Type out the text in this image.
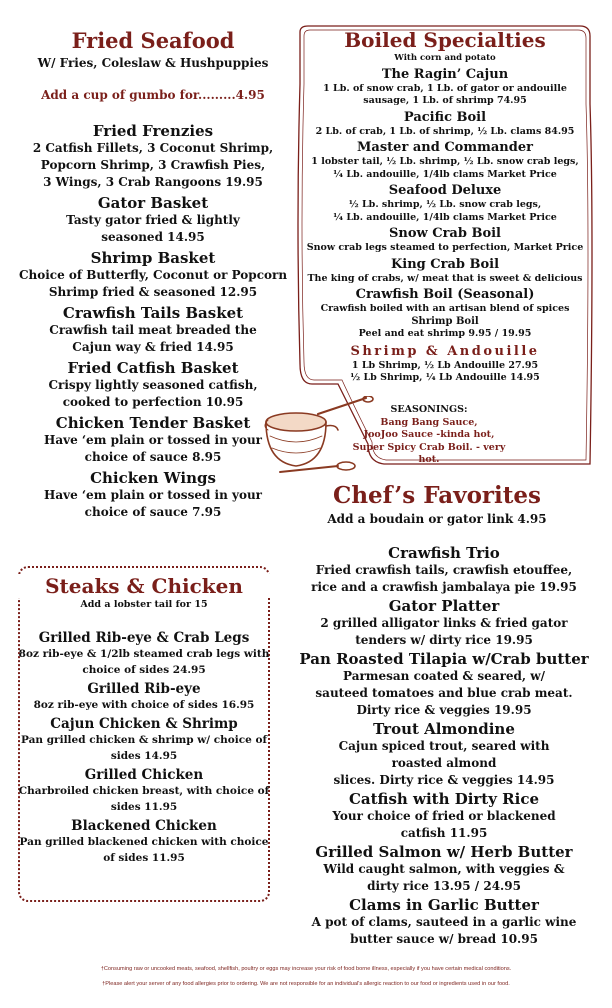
Fried Seafood
W/ Fries, Coleslaw & Hushpuppies
Add a cup of gumbo for.........4.95
Fried Frenzies
2 Catfish Fillets, 3 Coconut Shrimp,
Popcorn Shrimp, 3 Crawfish Pies,
3 Wings, 3 Crab Rangoons 19.95
Gator Basket
Tasty gator fried & lightly
seasoned 14.95
Shrimp Basket
Choice of Butterfly, Coconut or Popcorn
Shrimp fried & seasoned 12.95
Crawfish Tails Basket
Crawfish tail meat breaded the
Cajun way & fried 14.95
Fried Catfish Basket
Crispy lightly seasoned catfish,
cooked to perfection 10.95
Chicken Tender Basket
Have ‘em plain or tossed in your
choice of sauce 8.95
Chicken Wings
Have ‘em plain or tossed in your
choice of sauce 7.95
Boiled Specialties
With corn and potato
The Ragin’ Cajun
1 Lb. of snow crab, 1 Lb. of gator or andouille
sausage, 1 Lb. of shrimp 74.95
Pacific Boil
2 Lb. of crab, 1 Lb. of shrimp, ½ Lb. clams 84.95
Master and Commander
1 lobster tail, ½ Lb. shrimp, ½ Lb. snow crab legs,
¼ Lb. andouille, 1/4lb clams Market Price
Seafood Deluxe
½ Lb. shrimp, ½ Lb. snow crab legs,
¼ Lb. andouille, 1/4lb clams Market Price
Snow Crab Boil
Snow crab legs steamed to perfection, Market Price
King Crab Boil
The king of crabs, w/ meat that is sweet & delicious
Crawfish Boil (Seasonal)
Crawfish boiled with an artisan blend of spices
Shrimp Boil
Peel and eat shrimp 9.95 / 19.95
Shrimp & Andouille
1 Lb Shrimp, ½ Lb Andouille 27.95
½ Lb Shrimp, ¼ Lb Andouille 14.95
SEASONINGS:
Bang Bang Sauce,
JooJoo Sauce -kinda hot,
Super Spicy Crab Boil. - very hot.
Chef’s Favorites
Add a boudain or gator link 4.95
Crawfish Trio
Fried crawfish tails, crawfish etouffee,
rice and a crawfish jambalaya pie 19.95
Gator Platter
2 grilled alligator links & fried gator
tenders w/ dirty rice 19.95
Pan Roasted Tilapia w/Crab butter
Parmesan coated & seared, w/
sauteed tomatoes and blue crab meat.
Dirty rice & veggies 19.95
Trout Almondine
Cajun spiced trout, seared with
roasted almond
slices. Dirty rice & veggies 14.95
Catfish with Dirty Rice
Your choice of fried or blackened
catfish 11.95
Grilled Salmon w/ Herb Butter
Wild caught salmon, with veggies &
dirty rice 13.95 / 24.95
Clams in Garlic Butter
A pot of clams, sauteed in a garlic wine
butter sauce w/ bread 10.95
Steaks & Chicken
Add a lobster tail for 15
Grilled Rib-eye & Crab Legs
8oz rib-eye & 1/2lb steamed crab legs with
choice of sides 24.95
Grilled Rib-eye
8oz rib-eye with choice of sides 16.95
Cajun Chicken & Shrimp
Pan grilled chicken & shrimp w/ choice of
sides 14.95
Grilled Chicken
Charbroiled chicken breast, with choice of
sides 11.95
Blackened Chicken
Pan grilled blackened chicken with choice
of sides 11.95
†Consuming raw or uncooked meats, seafood, shellfish, poultry or eggs may increase your risk of food borne illness, especially if you have certain medical conditions.
†Please alert your server of any food allergies prior to ordering. We are not responsible for an individual's allergic reaction to our food or ingredients used in our food.
